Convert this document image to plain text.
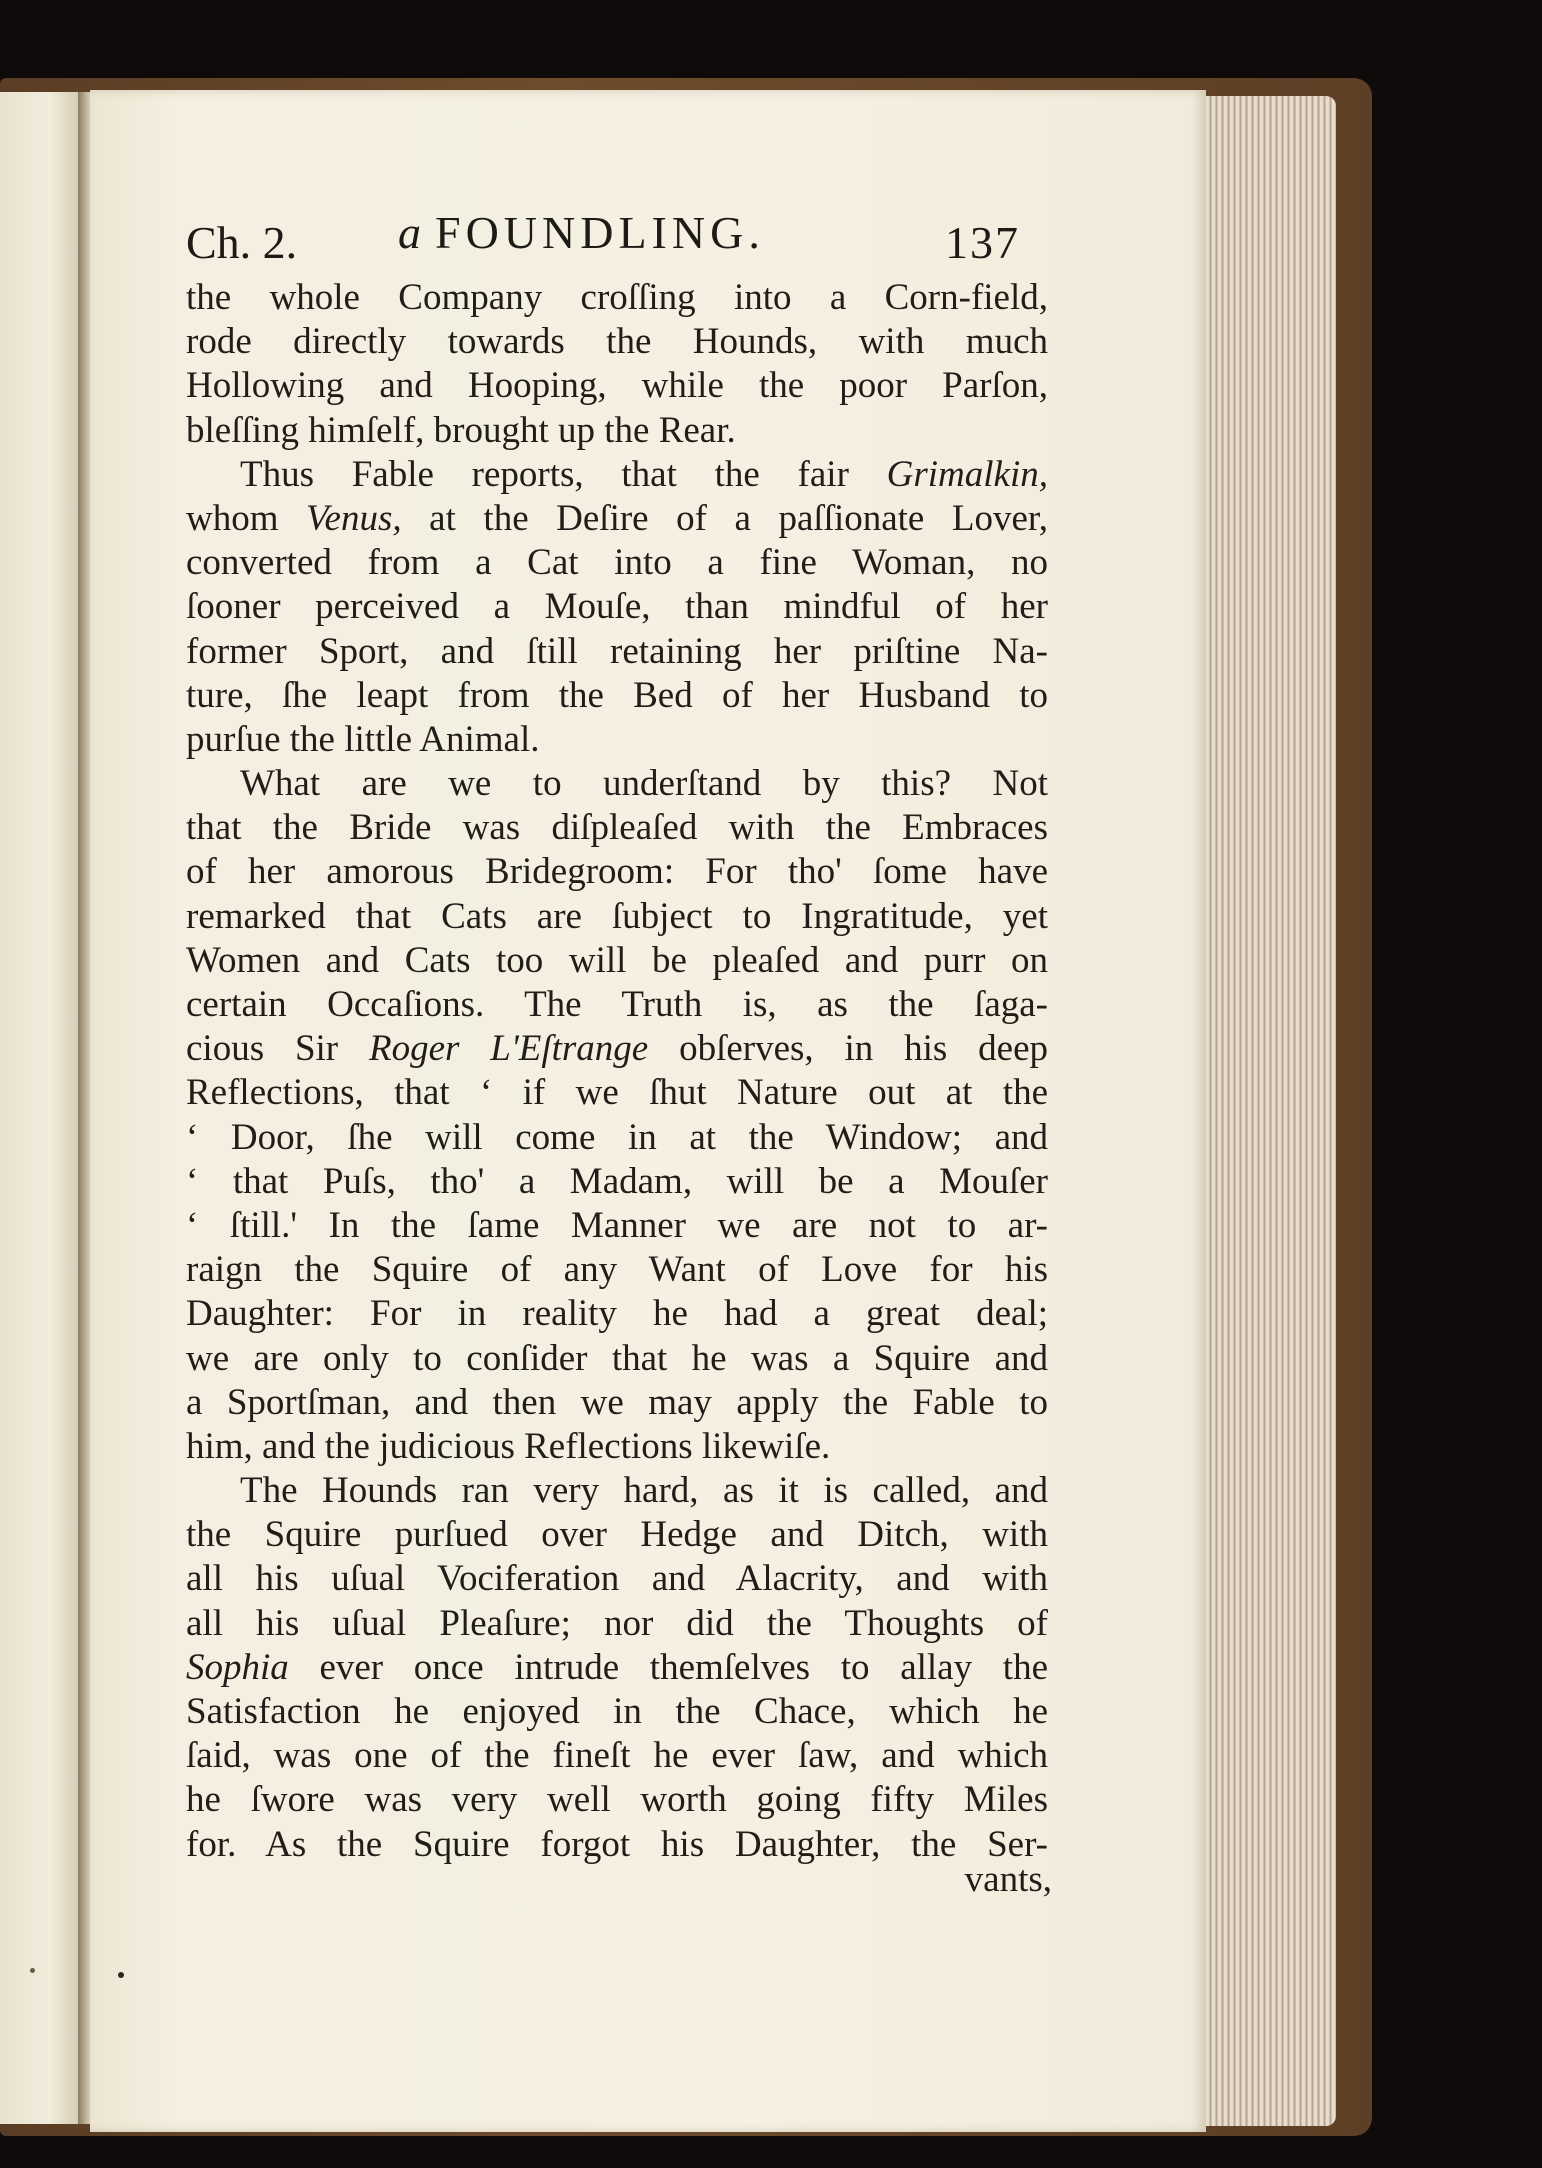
Ch. 2. a FOUNDLING.	137
the whole Company croſſing into a Corn-field,
rode directly towards the Hounds, with much
Hollowing and Hooping, while the poor Parſon,
bleſſing himſelf, brought up the Rear.
Thus Fable reports, that the fair Grimalkin,
whom Venus, at the Deſire of a paſſionate Lover,
converted from a Cat into a fine Woman, no
ſooner perceived a Mouſe, than mindful of her
former Sport, and ſtill retaining her priſtine Na-
ture, ſhe leapt from the Bed of her Husband to
purſue the little Animal.
What are we to underſtand by this? Not
that the Bride was diſpleaſed with the Embraces
of her amorous Bridegroom: For tho' ſome have
remarked that Cats are ſubject to Ingratitude, yet
Women and Cats too will be pleaſed and purr on
certain Occaſions. The Truth is, as the ſaga-
cious Sir Roger L'Eſtrange obſerves, in his deep
Reflections, that ‘ if we ſhut Nature out at the
‘ Door, ſhe will come in at the Window; and
‘ that Puſs, tho' a Madam, will be a Mouſer
‘ ſtill.' In the ſame Manner we are not to ar-
raign the Squire of any Want of Love for his
Daughter: For in reality he had a great deal;
we are only to conſider that he was a Squire and
a Sportſman, and then we may apply the Fable to
him, and the judicious Reflections likewiſe.
The Hounds ran very hard, as it is called, and
the Squire purſued over Hedge and Ditch, with
all his uſual Vociferation and Alacrity, and with
all his uſual Pleaſure; nor did the Thoughts of
Sophia ever once intrude themſelves to allay the
Satisfaction he enjoyed in the Chace, which he
ſaid, was one of the fineſt he ever ſaw, and which
he ſwore was very well worth going fifty Miles
for. As the Squire forgot his Daughter, the Ser-
vants,
